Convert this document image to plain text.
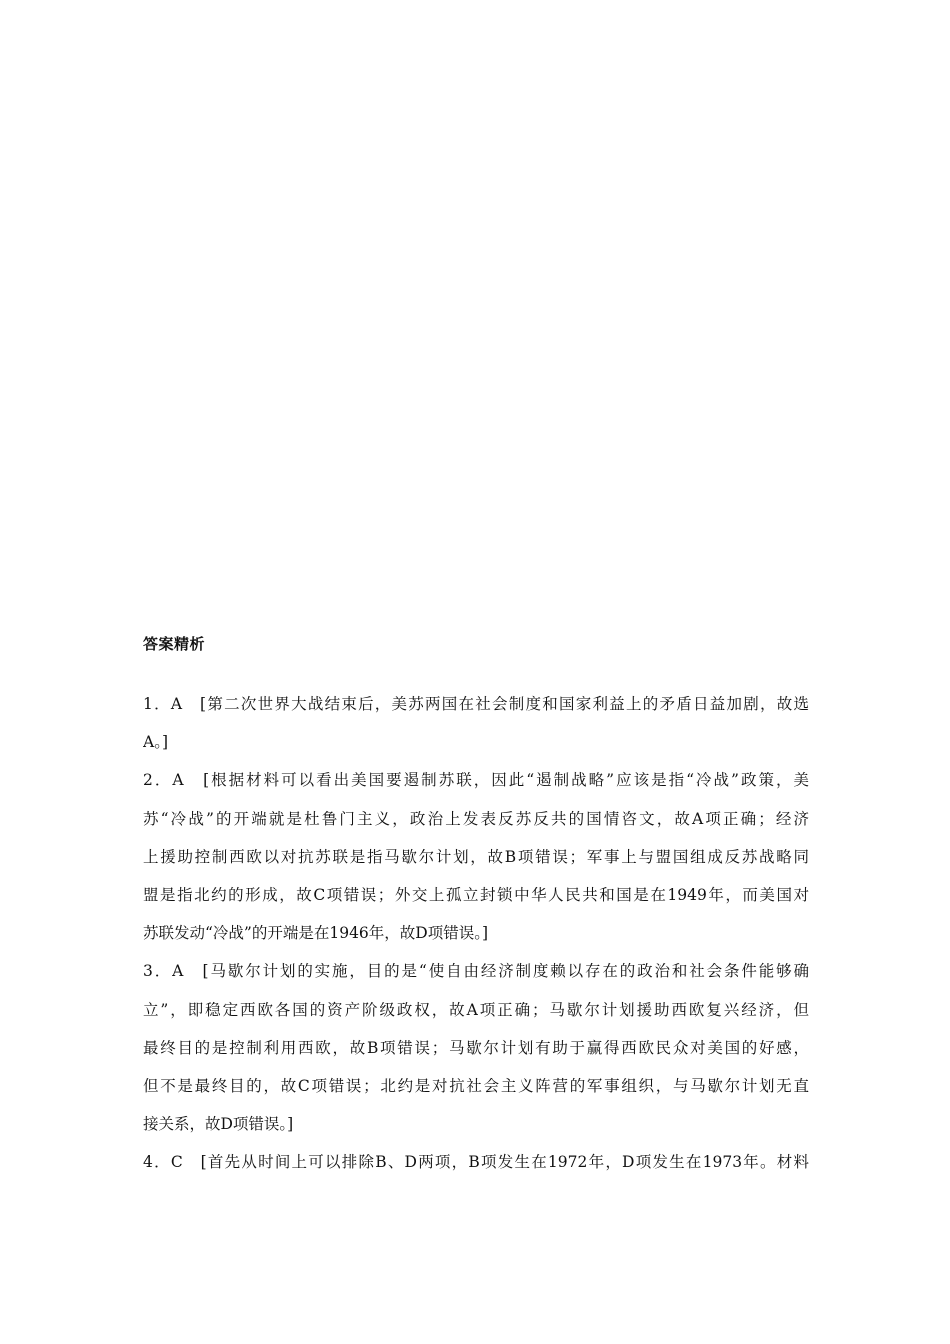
答案精析
1．A　[第二次世界大战结束后，美苏两国在社会制度和国家利益上的矛盾日益加剧，故选
A。]
2．A　[根据材料可以看出美国要遏制苏联，因此“遏制战略”应该是指“冷战”政策，美
苏“冷战”的开端就是杜鲁门主义，政治上发表反苏反共的国情咨文，故A项正确；经济
上援助控制西欧以对抗苏联是指马歇尔计划，故B项错误；军事上与盟国组成反苏战略同
盟是指北约的形成，故C项错误；外交上孤立封锁中华人民共和国是在1949年，而美国对
苏联发动“冷战”的开端是在1946年，故D项错误。]
3．A　[马歇尔计划的实施，目的是“使自由经济制度赖以存在的政治和社会条件能够确
立”，即稳定西欧各国的资产阶级政权，故A项正确；马歇尔计划援助西欧复兴经济，但
最终目的是控制利用西欧，故B项错误；马歇尔计划有助于赢得西欧民众对美国的好感，
但不是最终目的，故C项错误；北约是对抗社会主义阵营的军事组织，与马歇尔计划无直
接关系，故D项错误。]
4．C　[首先从时间上可以排除B、D两项，B项发生在1972年，D项发生在1973年。材料
